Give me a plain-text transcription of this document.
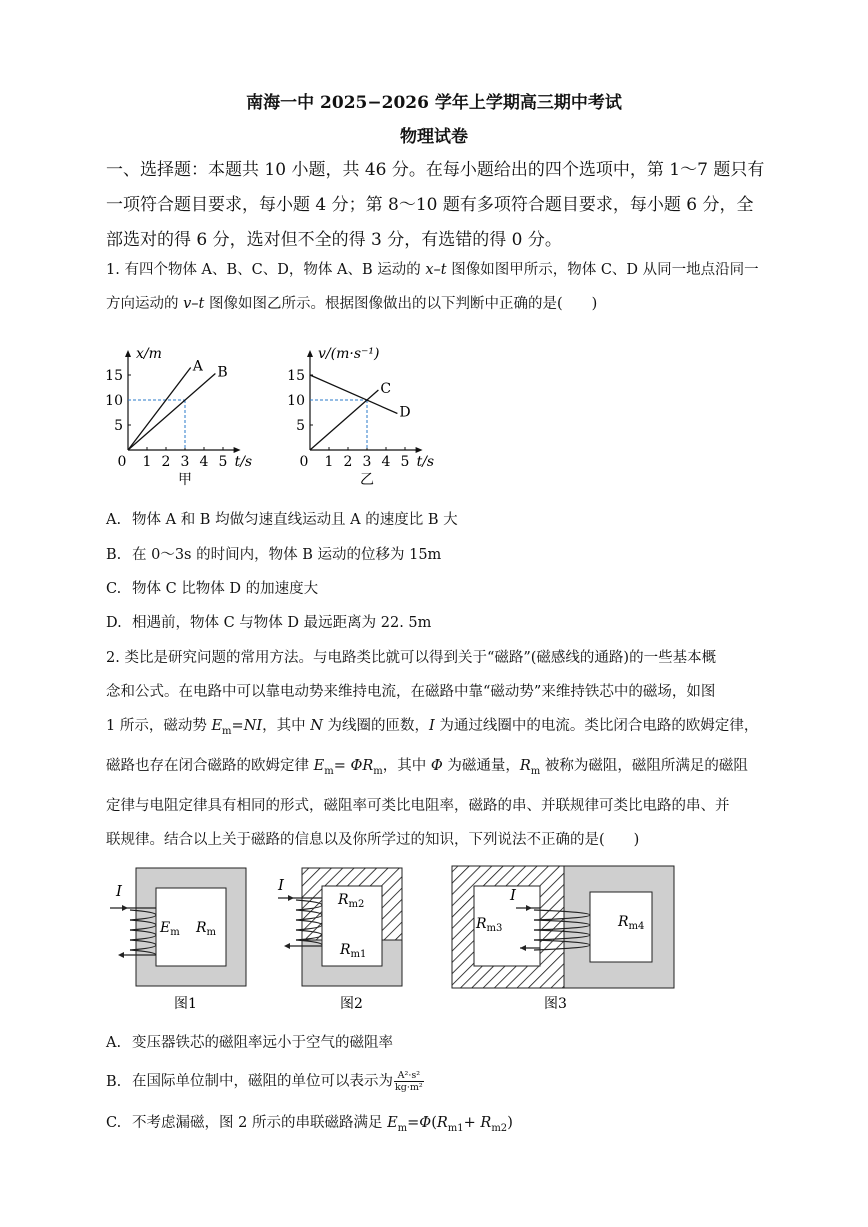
南海一中 2025−2026 学年上学期高三期中考试
物理试卷

一、选择题：本题共 10 小题，共 46 分。在每小题给出的四个选项中，第 1～7 题只有一项符合题目要求，每小题 4 分；第 8～10 题有多项符合题目要求，每小题 6 分，全部选对的得 6 分，选对但不全的得 3 分，有选错的得 0 分。

1. 有四个物体 A、B、C、D，物体 A、B 运动的 x–t 图像如图甲所示，物体 C、D 从同一地点沿同一方向运动的 v–t 图像如图乙所示。根据图像做出的以下判断中正确的是(　　)

0 1 2 3 4 5
5
10
15
A B
x/m
t/s
甲
0 1 2 3 4 5
5
10
15
C
D
v/(m·s⁻¹)
t/s
乙
A. 物体 A 和 B 均做匀速直线运动且 A 的速度比 B 大
B. 在 0～3s 的时间内，物体 B 运动的位移为 15m
C. 物体 C 比物体 D 的加速度大
D. 相遇前，物体 C 与物体 D 最远距离为 22. 5m
2. 类比是研究问题的常用方法。与电路类比就可以得到关于“磁路”(磁感线的通路)的一些基本概
念和公式。在电路中可以靠电动势来维持电流，在磁路中靠“磁动势”来维持铁芯中的磁场，如图
1 所示，磁动势 $E_m=NI$，其中 N 为线圈的匝数，I 为通过线圈中的电流。类比闭合电路的欧姆定律，
磁路也存在闭合磁路的欧姆定律 $E_m= \Phi R_m$，其中 Φ 为磁通量，$R_m$ 被称为磁阻，磁阻所满足的磁阻
定律与电阻定律具有相同的形式，磁阻率可类比电阻率，磁路的串、并联规律可类比电路的串、并
联规律。结合以上关于磁路的信息以及你所学过的知识，下列说法不正确的是(　　)
I
$E_m$ $R_m$
图1
I
$R_{m2}$
$R_{m1}$
图2
I
$R_{m3}$	$R_{m4}$
图3
A. 变压器铁芯的磁阻率远小于空气的磁阻率
B. 在国际单位制中，磁阻的单位可以表示为 $\frac{\text{A²·s²}}{\text{kg·m²}}$
C. 不考虑漏磁，图 2 所示的串联磁路满足 $E_m=\Phi(R_{m1}+ R_{m2})$
